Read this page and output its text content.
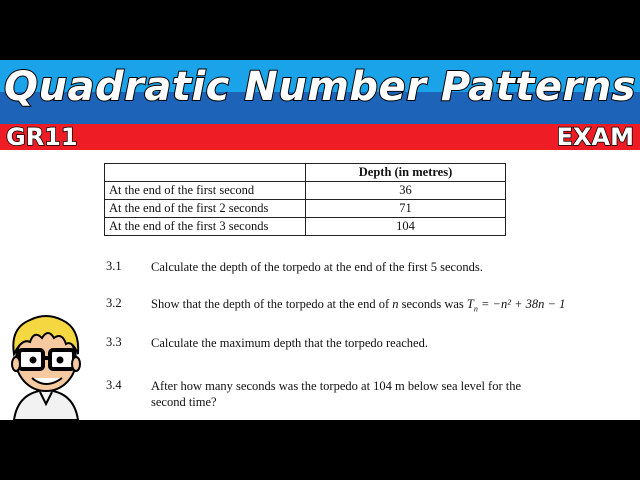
Quadratic Number Patterns
GR11	EXAM
	Depth (in metres)
At the end of the first second	36
At the end of the first 2 seconds	71
At the end of the first 3 seconds	104
3.1 Calculate the depth of the torpedo at the end of the first 5 seconds.
3.2 Show that the depth of the torpedo at the end of n seconds was $T_n = -n^2 + 38n - 1$
3.3 Calculate the maximum depth that the torpedo reached.
3.4 After how many seconds was the torpedo at 104 m below sea level for the second time?
